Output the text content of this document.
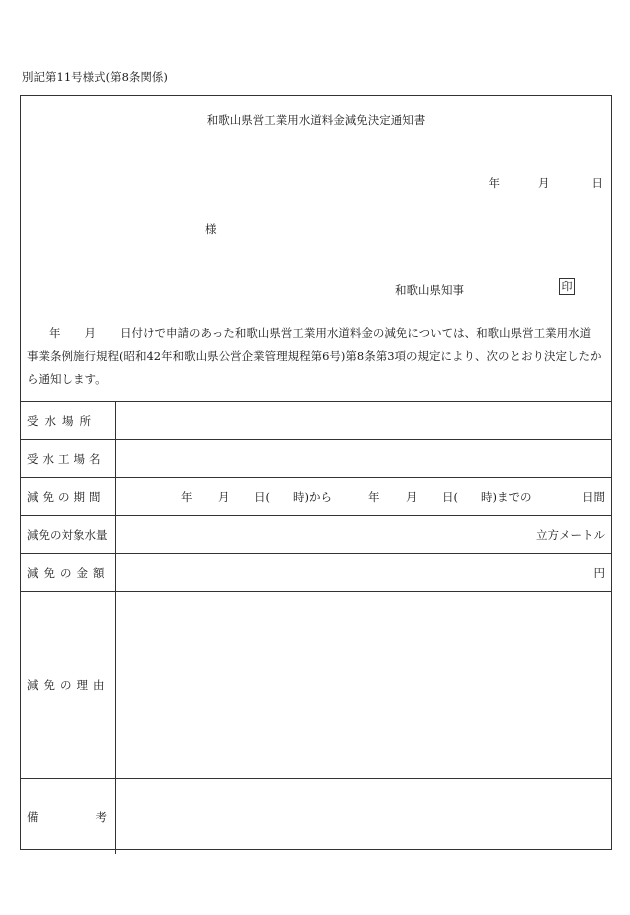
別記第11号様式(第8条関係)
和歌山県営工業用水道料金減免決定通知書
年	月	日
様
和歌山県知事	印
年 月 日付けで申請のあった和歌山県営工業用水道料金の減免については、和歌山県営工業用水道
事業条例施行規程(昭和42年和歌山県公営企業管理規程第6号)第8条第3項の規定により、次のとおり決定したか
ら通知します。
受水場所
受水工場名
減免の期間	年 月 日( 時)から	年 月 日( 時)までの	日間
減免の対象水量	立方メートル
減免の金額	円
減免の理由
備	考
